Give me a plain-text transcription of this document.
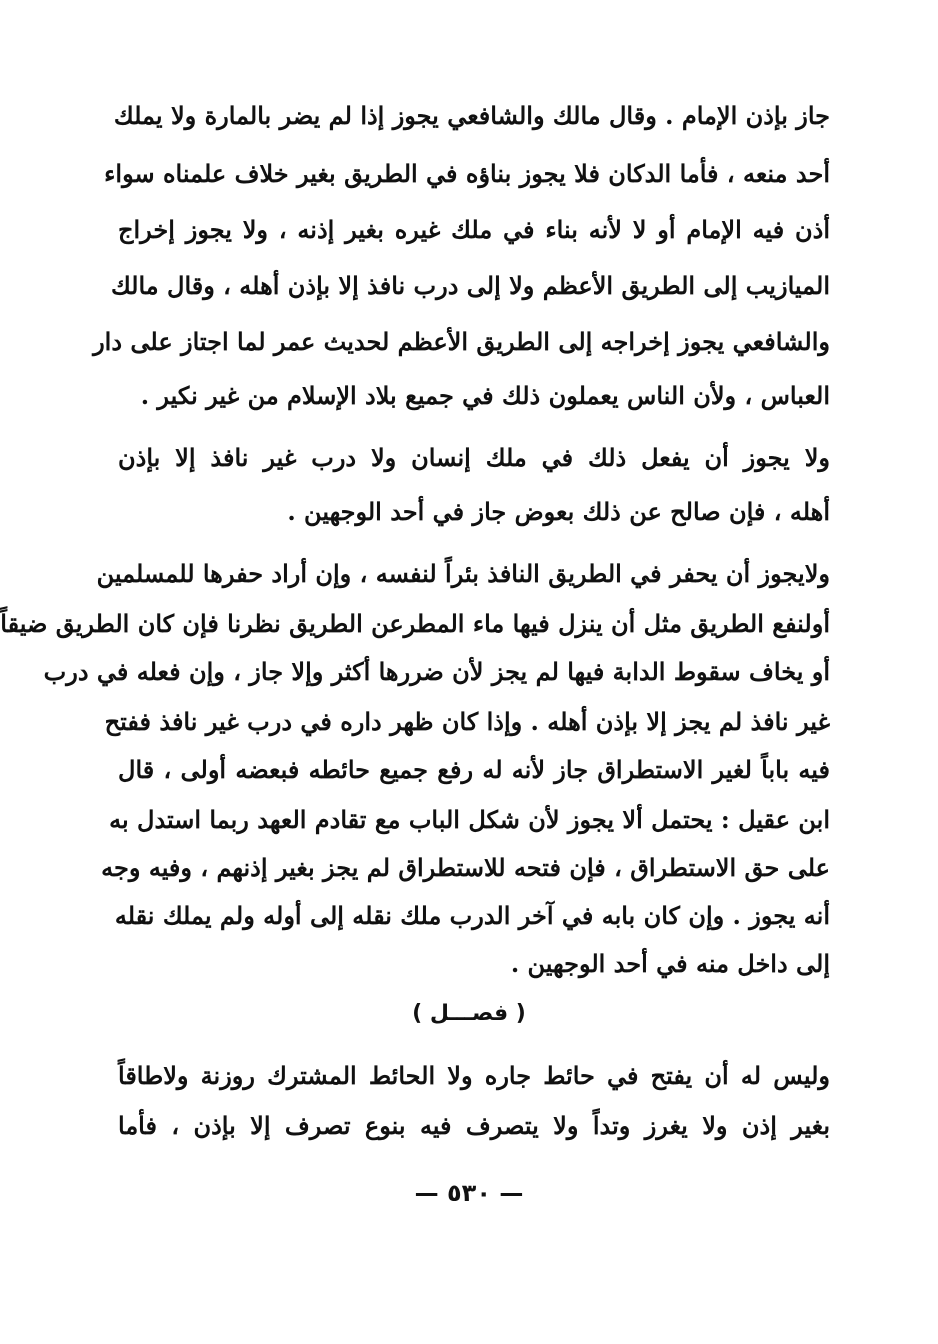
جاز بإذن الإمام . وقال مالك والشافعي يجوز إذا لم يضر بالمارة ولا يملك
أحد منعه ، فأما الدكان فلا يجوز بناؤه في الطريق بغير خلاف علمناه سواء
أذن فيه الإمام أو لا لأنه بناء في ملك غيره بغير إذنه ، ولا يجوز إخراج
الميازيب إلى الطريق الأعظم ولا إلى درب نافذ إلا بإذن أهله ، وقال مالك
والشافعي يجوز إخراجه إلى الطريق الأعظم لحديث عمر لما اجتاز على دار
العباس ، ولأن الناس يعملون ذلك في جميع بلاد الإسلام من غير نكير .
ولا يجوز أن يفعل ذلك في ملك إنسان ولا درب غير نافذ إلا بإذن
أهله ، فإن صالح عن ذلك بعوض جاز في أحد الوجهين .
ولايجوز أن يحفر في الطريق النافذ بئراً لنفسه ، وإن أراد حفرها للمسلمين
أولنفع الطريق مثل أن ينزل فيها ماء المطرعن الطريق نظرنا فإن كان الطريق ضيقاً
أو يخاف سقوط الدابة فيها لم يجز لأن ضررها أكثر وإلا جاز ، وإن فعله في درب
غير نافذ لم يجز إلا بإذن أهله . وإذا كان ظهر داره في درب غير نافذ ففتح
فيه باباً لغير الاستطراق جاز لأنه له رفع جميع حائطه فبعضه أولى ، قال
ابن عقيل : يحتمل ألا يجوز لأن شكل الباب مع تقادم العهد ربما استدل به
على حق الاستطراق ، فإن فتحه للاستطراق لم يجز بغير إذنهم ، وفيه وجه
أنه يجوز . وإن كان بابه في آخر الدرب ملك نقله إلى أوله ولم يملك نقله
إلى داخل منه في أحد الوجهين .
( فصـــل )
وليس له أن يفتح في حائط جاره ولا الحائط المشترك روزنة ولاطاقاً
بغير إذن ولا يغرز وتداً ولا يتصرف فيه بنوع تصرف إلا بإذن ، فأما
— ٥٣٠ —
